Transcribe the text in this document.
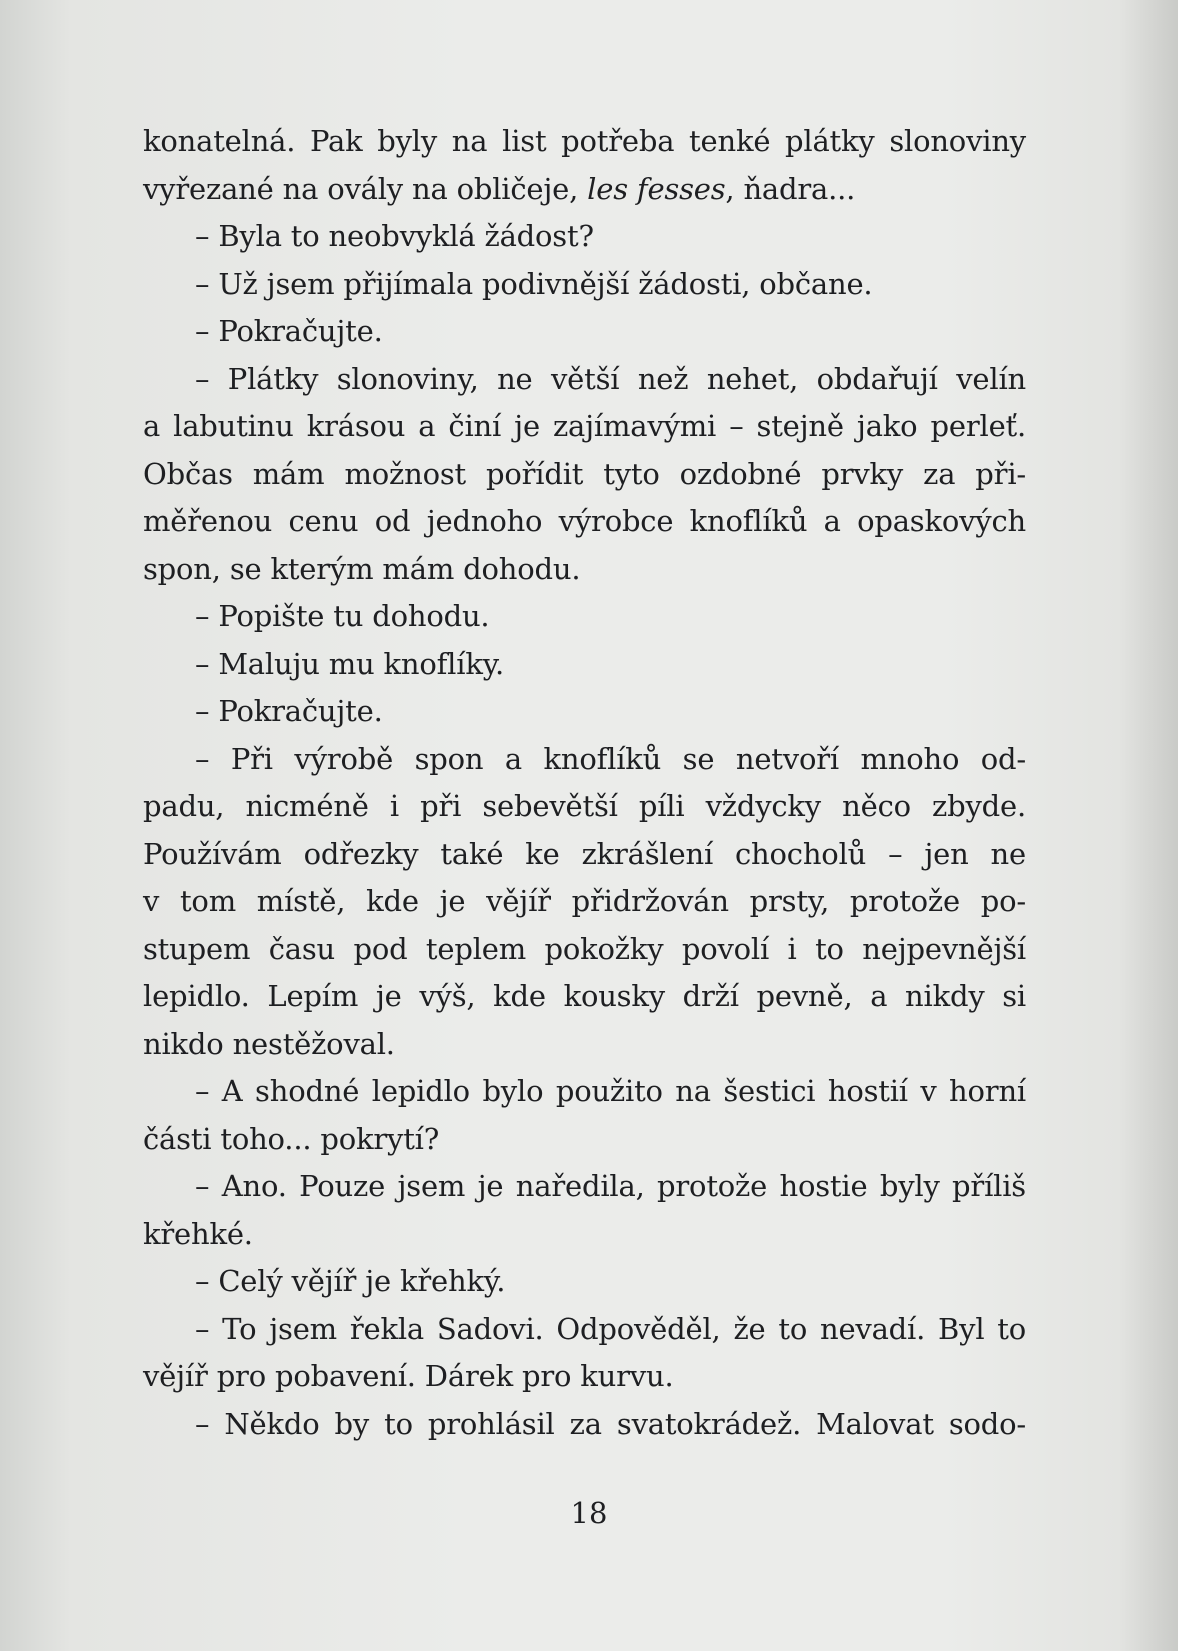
konatelná. Pak byly na list potřeba tenké plátky slonoviny
vyřezané na ovály na obličeje, les fesses, ňadra...
– Byla to neobvyklá žádost?
– Už jsem přijímala podivnější žádosti, občane.
– Pokračujte.
– Plátky slonoviny, ne větší než nehet, obdařují velín
a labutinu krásou a činí je zajímavými – stejně jako perleť.
Občas mám možnost pořídit tyto ozdobné prvky za při-
měřenou cenu od jednoho výrobce knoflíků a opaskových
spon, se kterým mám dohodu.
– Popište tu dohodu.
– Maluju mu knoflíky.
– Pokračujte.
– Při výrobě spon a knoflíků se netvoří mnoho od-
padu, nicméně i při sebevětší píli vždycky něco zbyde.
Používám odřezky také ke zkrášlení chocholů – jen ne
v tom místě, kde je vějíř přidržován prsty, protože po-
stupem času pod teplem pokožky povolí i to nejpevnější
lepidlo. Lepím je výš, kde kousky drží pevně, a nikdy si
nikdo nestěžoval.
– A shodné lepidlo bylo použito na šestici hostií v horní
části toho... pokrytí?
– Ano. Pouze jsem je naředila, protože hostie byly příliš
křehké.
– Celý vějíř je křehký.
– To jsem řekla Sadovi. Odpověděl, že to nevadí. Byl to
vějíř pro pobavení. Dárek pro kurvu.
– Někdo by to prohlásil za svatokrádež. Malovat sodo-
18
